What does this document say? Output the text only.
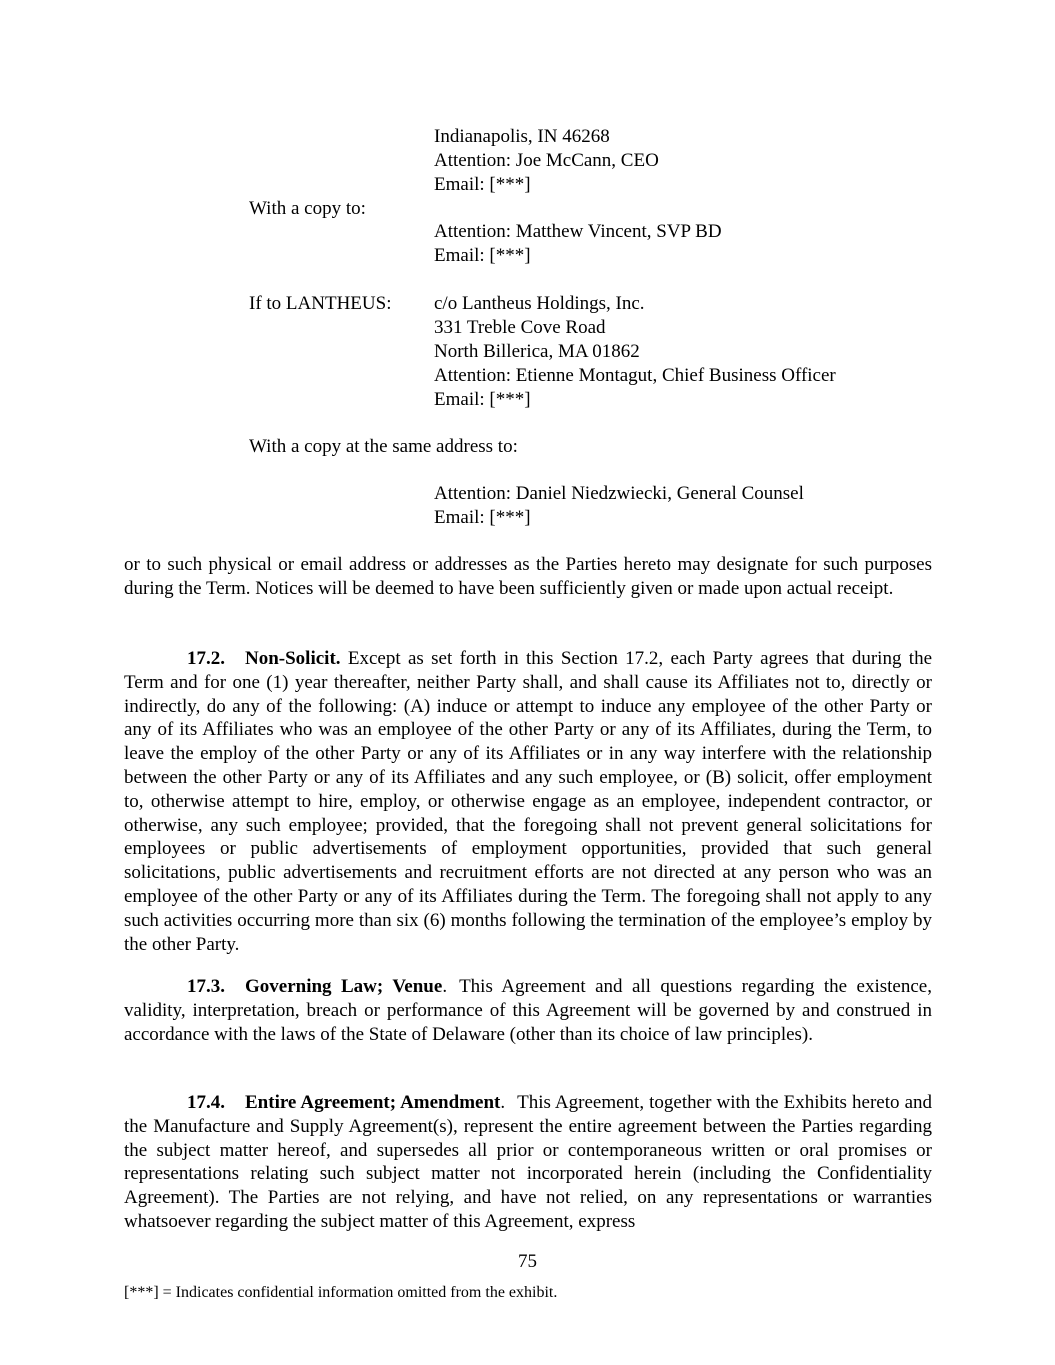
Indianapolis, IN 46268
Attention: Joe McCann, CEO
Email: [***]
With a copy to:
Attention: Matthew Vincent, SVP BD
Email: [***]
If to LANTHEUS: c/o Lantheus Holdings, Inc.
331 Treble Cove Road
North Billerica, MA 01862
Attention: Etienne Montagut, Chief Business Officer
Email: [***]
With a copy at the same address to:
Attention: Daniel Niedzwiecki, General Counsel
Email: [***]

or to such physical or email address or addresses as the Parties hereto may designate for such purposes during the Term. Notices will be deemed to have been sufficiently given or made upon actual receipt.

17.2. Non-Solicit. Except as set forth in this Section 17.2, each Party agrees that during the Term and for one (1) year thereafter, neither Party shall, and shall cause its Affiliates not to, directly or indirectly, do any of the following: (A) induce or attempt to induce any employee of the other Party or any of its Affiliates who was an employee of the other Party or any of its Affiliates, during the Term, to leave the employ of the other Party or any of its Affiliates or in any way interfere with the relationship between the other Party or any of its Affiliates and any such employee, or (B) solicit, offer employment to, otherwise attempt to hire, employ, or otherwise engage as an employee, independent contractor, or otherwise, any such employee; provided, that the foregoing shall not prevent general solicitations for employees or public advertisements of employment opportunities, provided that such general solicitations, public advertisements and recruitment efforts are not directed at any person who was an employee of the other Party or any of its Affiliates during the Term. The foregoing shall not apply to any such activities occurring more than six (6) months following the termination of the employee’s employ by the other Party.

17.3. Governing Law; Venue. This Agreement and all questions regarding the existence, validity, interpretation, breach or performance of this Agreement will be governed by and construed in accordance with the laws of the State of Delaware (other than its choice of law principles).

17.4. Entire Agreement; Amendment. This Agreement, together with the Exhibits hereto and the Manufacture and Supply Agreement(s), represent the entire agreement between the Parties regarding the subject matter hereof, and supersedes all prior or contemporaneous written or oral promises or representations relating such subject matter not incorporated herein (including the Confidentiality Agreement). The Parties are not relying, and have not relied, on any representations or warranties whatsoever regarding the subject matter of this Agreement, express

75
[***] = Indicates confidential information omitted from the exhibit.
